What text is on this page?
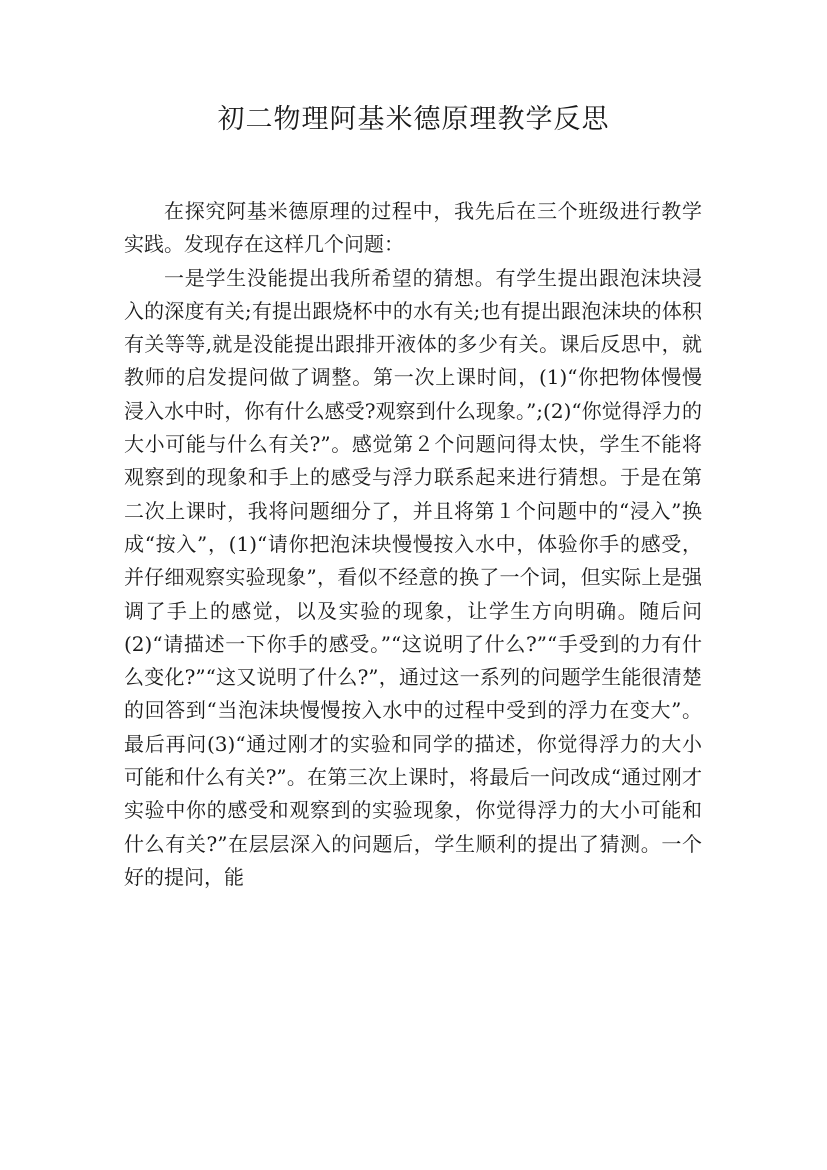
初二物理阿基米德原理教学反思

在探究阿基米德原理的过程中，我先后在三个班级进行教学实践。发现存在这样几个问题：

一是学生没能提出我所希望的猜想。有学生提出跟泡沫块浸入的深度有关;有提出跟烧杯中的水有关;也有提出跟泡沫块的体积有关等等,就是没能提出跟排开液体的多少有关。课后反思中，就教师的启发提问做了调整。第一次上课时间，(1)“你把物体慢慢浸入水中时，你有什么感受?观察到什么现象。”;(2)“你觉得浮力的大小可能与什么有关?”。感觉第２个问题问得太快，学生不能将观察到的现象和手上的感受与浮力联系起来进行猜想。于是在第二次上课时，我将问题细分了，并且将第１个问题中的“浸入”换成“按入”，(1)“请你把泡沫块慢慢按入水中，体验你手的感受，并仔细观察实验现象”，看似不经意的换了一个词，但实际上是强调了手上的感觉，以及实验的现象，让学生方向明确。随后问(2)“请描述一下你手的感受。”“这说明了什么?”“手受到的力有什么变化?”“这又说明了什么?”，通过这一系列的问题学生能很清楚的回答到“当泡沫块慢慢按入水中的过程中受到的浮力在变大”。最后再问(3)“通过刚才的实验和同学的描述，你觉得浮力的大小可能和什么有关?”。在第三次上课时，将最后一问改成“通过刚才实验中你的感受和观察到的实验现象，你觉得浮力的大小可能和什么有关?”在层层深入的问题后，学生顺利的提出了猜测。一个好的提问，能
